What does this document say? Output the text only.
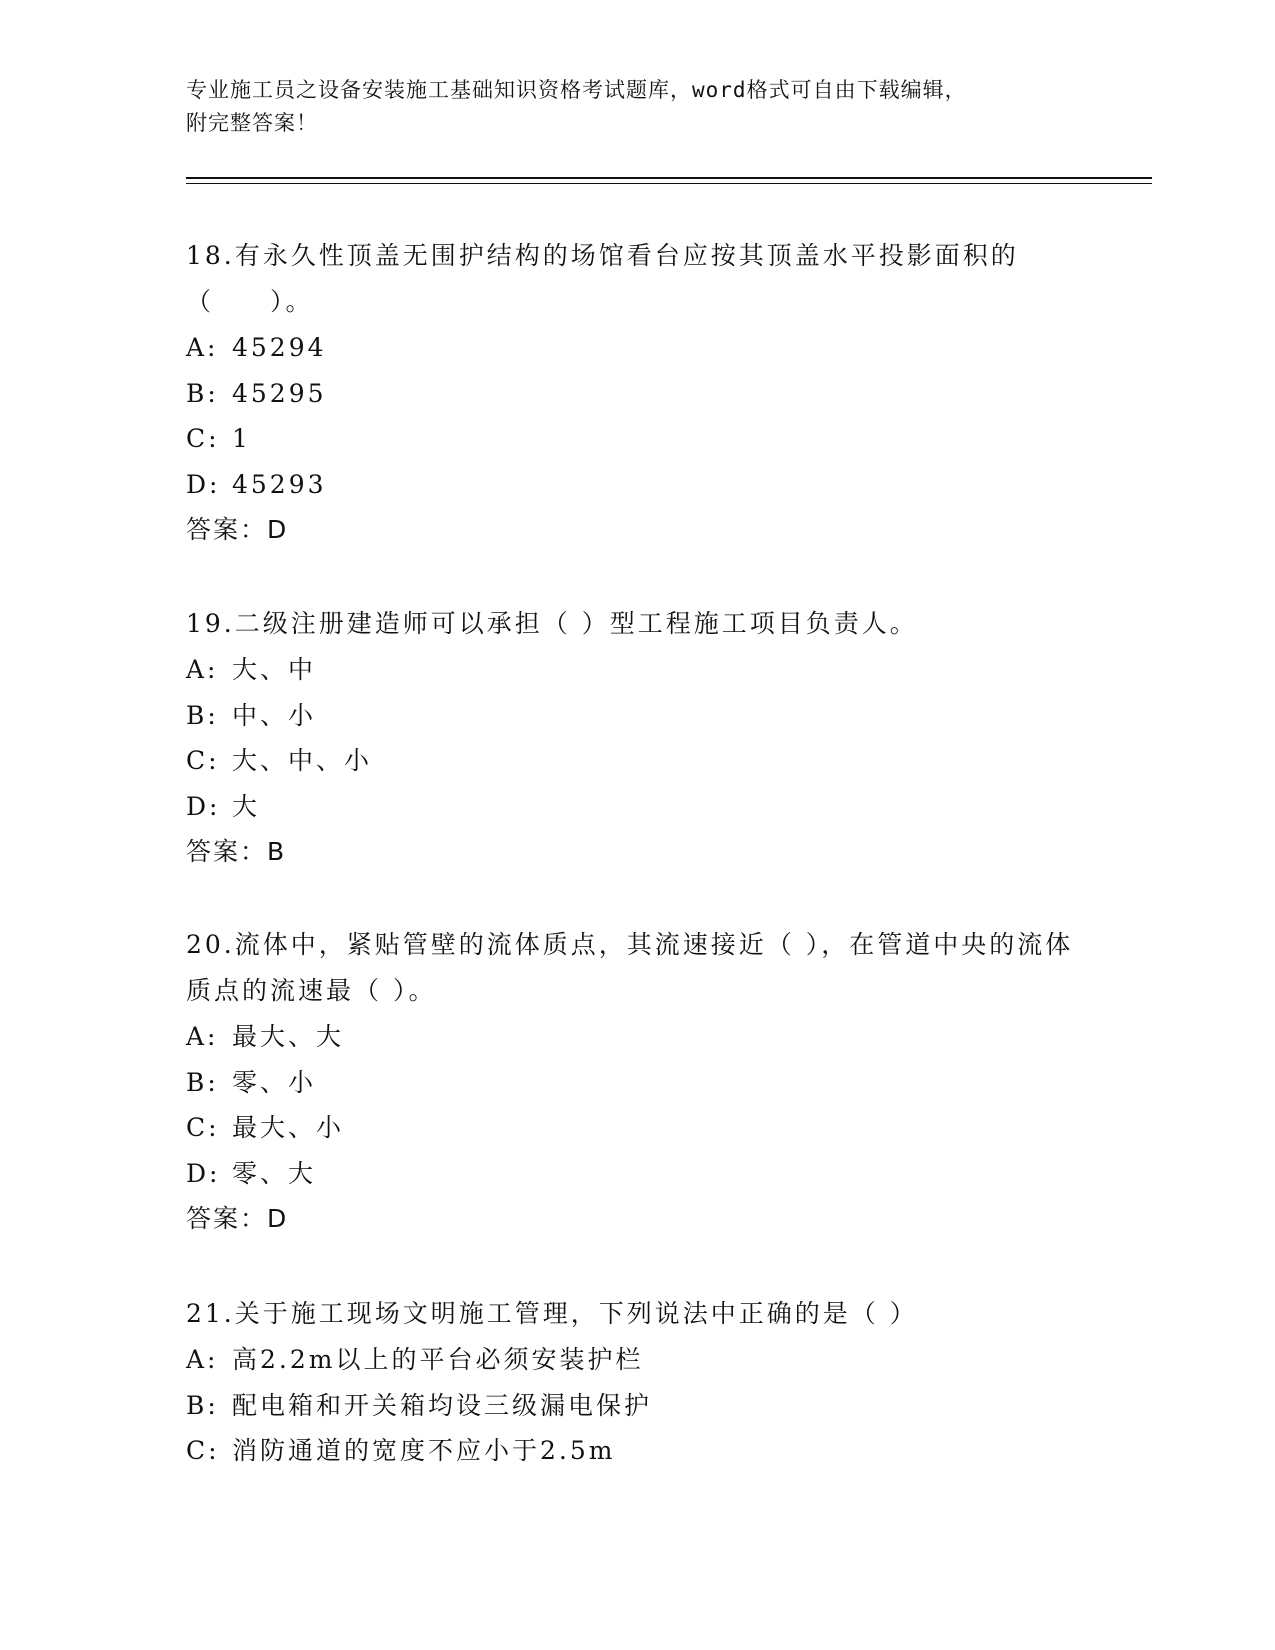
专业施工员之设备安装施工基础知识资格考试题库，word格式可自由下载编辑，
附完整答案！

18.有永久性顶盖无围护结构的场馆看台应按其顶盖水平投影面积的（　　）。

A: 45294

B: 45295

C: 1

D: 45293

答案：D

19.二级注册建造师可以承担（ ）型工程施工项目负责人。

A: 大、中

B: 中、小

C: 大、中、小

D: 大

答案：B

20.流体中，紧贴管壁的流体质点，其流速接近（ ），在管道中央的流体质点的流速最（ ）。

A: 最大、大

B: 零、小

C: 最大、小

D: 零、大

答案：D

21.关于施工现场文明施工管理，下列说法中正确的是（ ）

A: 高2.2m以上的平台必须安装护栏

B: 配电箱和开关箱均设三级漏电保护

C: 消防通道的宽度不应小于2.5m
